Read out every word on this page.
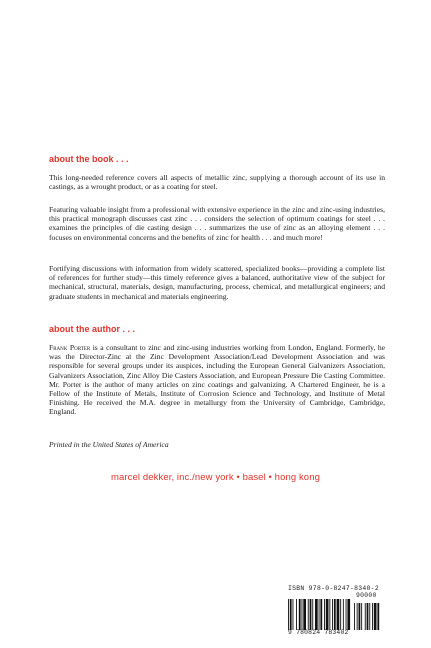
about the book . . .

This long-needed reference covers all aspects of metallic zinc, supplying a thorough account of its use in castings, as a wrought product, or as a coating for steel.

Featuring valuable insight from a professional with extensive experience in the zinc and zinc-using industries, this practical monograph discusses cast zinc . . . considers the selection of optimum coatings for steel . . . examines the principles of die casting design . . . summarizes the use of zinc as an alloying element . . . focuses on environmental concerns and the benefits of zinc for health . . . and much more!

Fortifying discussions with information from widely scattered, specialized books—providing a complete list of references for further study—this timely reference gives a balanced, authoritative view of the subject for mechanical, structural, materials, design, manufacturing, process, chemical, and metallurgical engineers; and graduate students in mechanical and materials engineering.

about the author . . .

Frank Porter is a consultant to zinc and zinc-using industries working from London, England. Formerly, he was the Director-Zinc at the Zinc Development Association/Lead Development Association and was responsible for several groups under its auspices, including the European General Galvanizers Association, Galvanizers Association, Zinc Alloy Die Casters Association, and European Pressure Die Casting Committee. Mr. Porter is the author of many articles on zinc coatings and galvanizing. A Chartered Engineer, he is a Fellow of the Institute of Metals, Institute of Corrosion Science and Technology, and Institute of Metal Finishing. He received the M.A. degree in metallurgy from the University of Cambridge, Cambridge, England.

Printed in the United States of America

marcel dekker, inc./new york • basel • hong kong

ISBN 978-0-8247-8340-2

90000

9 780824 783402
